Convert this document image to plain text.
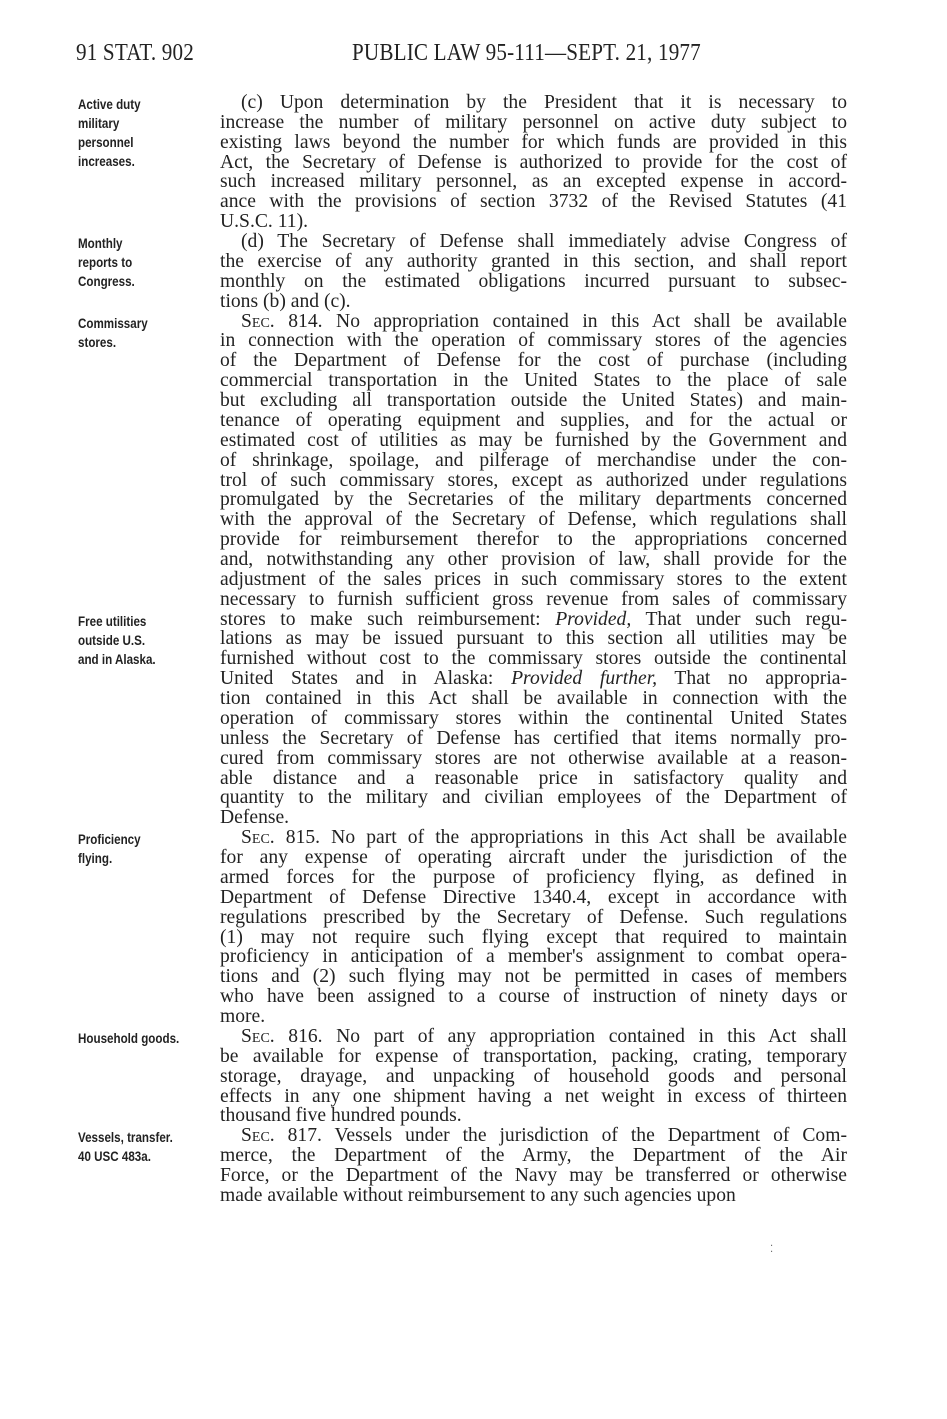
91 STAT. 902	PUBLIC LAW 95-111—SEPT. 21, 1977
(c) Upon determination by the President that it is necessary to
increase the number of military personnel on active duty subject to
existing laws beyond the number for which funds are provided in this
Act, the Secretary of Defense is authorized to provide for the cost of
such increased military personnel, as an excepted expense in accord-
ance with the provisions of section 3732 of the Revised Statutes (41
U.S.C. 11).
(d) The Secretary of Defense shall immediately advise Congress of
the exercise of any authority granted in this section, and shall report
monthly on the estimated obligations incurred pursuant to subsec-
tions (b) and (c).
Sec. 814. No appropriation contained in this Act shall be available
in connection with the operation of commissary stores of the agencies
of the Department of Defense for the cost of purchase (including
commercial transportation in the United States to the place of sale
but excluding all transportation outside the United States) and main-
tenance of operating equipment and supplies, and for the actual or
estimated cost of utilities as may be furnished by the Government and
of shrinkage, spoilage, and pilferage of merchandise under the con-
trol of such commissary stores, except as authorized under regulations
promulgated by the Secretaries of the military departments concerned
with the approval of the Secretary of Defense, which regulations shall
provide for reimbursement therefor to the appropriations concerned
and, notwithstanding any other provision of law, shall provide for the
adjustment of the sales prices in such commissary stores to the extent
necessary to furnish sufficient gross revenue from sales of commissary
stores to make such reimbursement: Provided, That under such regu-
lations as may be issued pursuant to this section all utilities may be
furnished without cost to the commissary stores outside the continental
United States and in Alaska: Provided further, That no appropria-
tion contained in this Act shall be available in connection with the
operation of commissary stores within the continental United States
unless the Secretary of Defense has certified that items normally pro-
cured from commissary stores are not otherwise available at a reason-
able distance and a reasonable price in satisfactory quality and
quantity to the military and civilian employees of the Department of
Defense.
Sec. 815. No part of the appropriations in this Act shall be available
for any expense of operating aircraft under the jurisdiction of the
armed forces for the purpose of proficiency flying, as defined in
Department of Defense Directive 1340.4, except in accordance with
regulations prescribed by the Secretary of Defense. Such regulations
(1) may not require such flying except that required to maintain
proficiency in anticipation of a member's assignment to combat opera-
tions and (2) such flying may not be permitted in cases of members
who have been assigned to a course of instruction of ninety days or
more.
Sec. 816. No part of any appropriation contained in this Act shall
be available for expense of transportation, packing, crating, temporary
storage, drayage, and unpacking of household goods and personal
effects in any one shipment having a net weight in excess of thirteen
thousand five hundred pounds.
Sec. 817. Vessels under the jurisdiction of the Department of Com-
merce, the Department of the Army, the Department of the Air
Force, or the Department of the Navy may be transferred or otherwise
made available without reimbursement to any such agencies upon
Active duty
military
personnel
increases.
Monthly
reports to
Congress.
Commissary
stores.
Free utilities
outside U.S.
and in Alaska.
Proficiency
flying.
Household goods.
Vessels, transfer.
40 USC 483a.
⁚
